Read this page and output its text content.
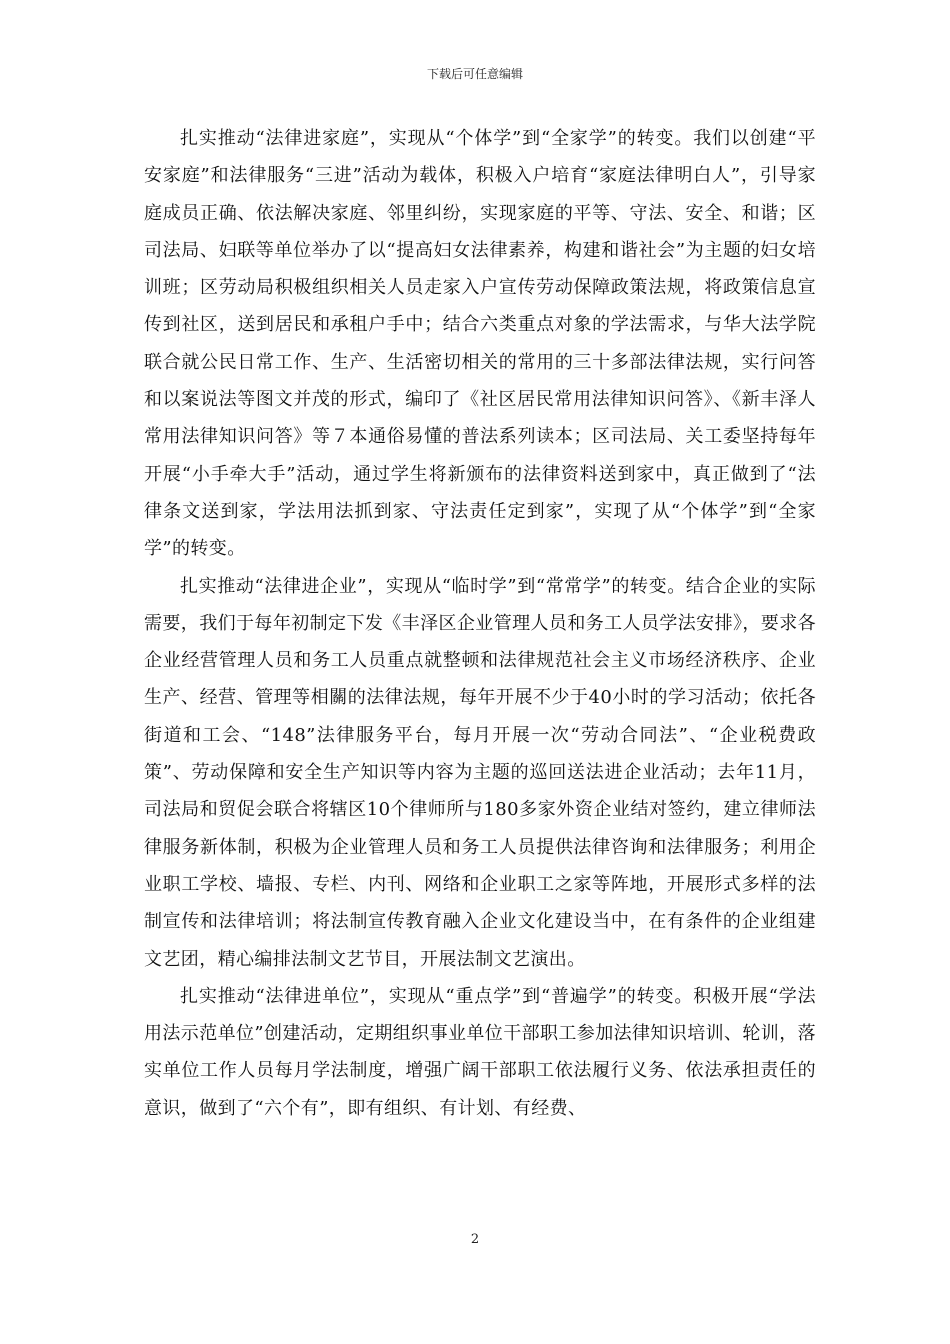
下载后可任意编辑

扎实推动“法律进家庭”，实现从“个体学”到“全家学”的转变。我们以创建“平安家庭”和法律服务“三进”活动为载体，积极入户培育“家庭法律明白人”，引导家庭成员正确、依法解决家庭、邻里纠纷，实现家庭的平等、守法、安全、和谐；区司法局、妇联等单位举办了以“提高妇女法律素养，构建和谐社会”为主题的妇女培训班；区劳动局积极组织相关人员走家入户宣传劳动保障政策法规，将政策信息宣传到社区，送到居民和承租户手中；结合六类重点对象的学法需求，与华大法学院联合就公民日常工作、生产、生活密切相关的常用的三十多部法律法规，实行问答和以案说法等图文并茂的形式，编印了《社区居民常用法律知识问答》、《新丰泽人常用法律知识问答》等７本通俗易懂的普法系列读本；区司法局、关工委坚持每年开展“小手牵大手”活动，通过学生将新颁布的法律资料送到家中，真正做到了“法律条文送到家，学法用法抓到家、守法责任定到家”，实现了从“个体学”到“全家学”的转变。

扎实推动“法律进企业”，实现从“临时学”到“常常学”的转变。结合企业的实际需要，我们于每年初制定下发《丰泽区企业管理人员和务工人员学法安排》，要求各企业经营管理人员和务工人员重点就整顿和法律规范社会主义市场经济秩序、企业生产、经营、管理等相關的法律法规，每年开展不少于40小时的学习活动；依托各街道和工会、“148”法律服务平台，每月开展一次“劳动合同法”、“企业税费政策”、劳动保障和安全生产知识等内容为主题的巡回送法进企业活动；去年11月，司法局和贸促会联合将辖区10个律师所与180多家外资企业结对签约，建立律师法律服务新体制，积极为企业管理人员和务工人员提供法律咨询和法律服务；利用企业职工学校、墙报、专栏、内刊、网络和企业职工之家等阵地，开展形式多样的法制宣传和法律培训；将法制宣传教育融入企业文化建设当中，在有条件的企业组建文艺团，精心编排法制文艺节目，开展法制文艺演出。

扎实推动“法律进单位”，实现从“重点学”到“普遍学”的转变。积极开展“学法用法示范单位”创建活动，定期组织事业单位干部职工参加法律知识培训、轮训，落实单位工作人员每月学法制度，增强广阔干部职工依法履行义务、依法承担责任的意识，做到了“六个有”，即有组织、有计划、有经费、

2
